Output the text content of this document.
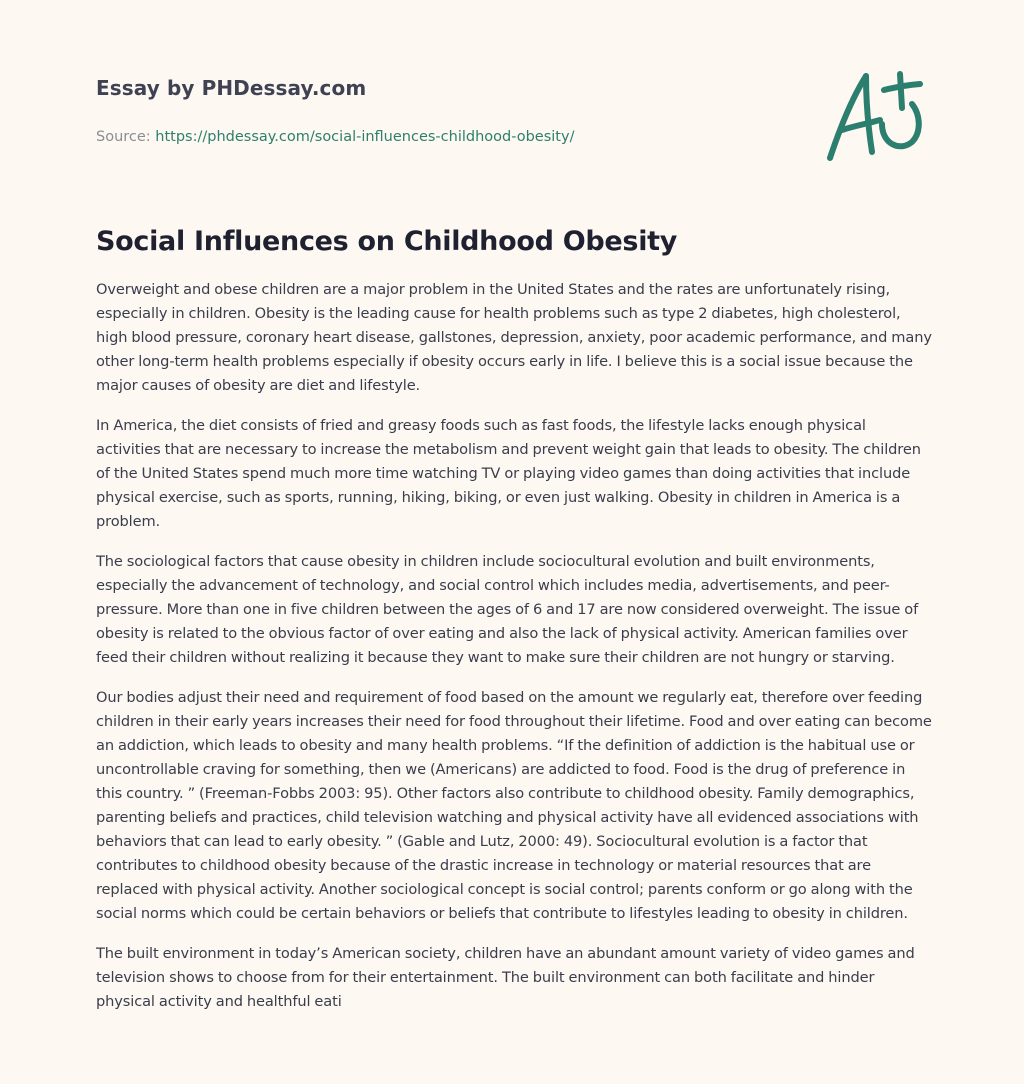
Essay by PHDessay.com
Source: https://phdessay.com/social-influences-childhood-obesity/
Social Influences on Childhood Obesity

Overweight and obese children are a major problem in the United States and the rates are unfortunately rising, especially in children. Obesity is the leading cause for health problems such as type 2 diabetes, high cholesterol, high blood pressure, coronary heart disease, gallstones, depression, anxiety, poor academic performance, and many other long-term health problems especially if obesity occurs early in life. I believe this is a social issue because the major causes of obesity are diet and lifestyle.

In America, the diet consists of fried and greasy foods such as fast foods, the lifestyle lacks enough physical activities that are necessary to increase the metabolism and prevent weight gain that leads to obesity. The children of the United States spend much more time watching TV or playing video games than doing activities that include physical exercise, such as sports, running, hiking, biking, or even just walking. Obesity in children in America is a problem.

The sociological factors that cause obesity in children include sociocultural evolution and built environments, especially the advancement of technology, and social control which includes media, advertisements, and peer-pressure. More than one in five children between the ages of 6 and 17 are now considered overweight. The issue of obesity is related to the obvious factor of over eating and also the lack of physical activity. American families over feed their children without realizing it because they want to make sure their children are not hungry or starving.

Our bodies adjust their need and requirement of food based on the amount we regularly eat, therefore over feeding children in their early years increases their need for food throughout their lifetime. Food and over eating can become an addiction, which leads to obesity and many health problems. “If the definition of addiction is the habitual use or uncontrollable craving for something, then we (Americans) are addicted to food. Food is the drug of preference in this country. ” (Freeman-Fobbs 2003: 95). Other factors also contribute to childhood obesity. Family demographics, parenting beliefs and practices, child television watching and physical activity have all evidenced associations with behaviors that can lead to early obesity. ” (Gable and Lutz, 2000: 49). Sociocultural evolution is a factor that contributes to childhood obesity because of the drastic increase in technology or material resources that are replaced with physical activity. Another sociological concept is social control; parents conform or go along with the social norms which could be certain behaviors or beliefs that contribute to lifestyles leading to obesity in children.

The built environment in today’s American society, children have an abundant amount variety of video games and television shows to choose from for their entertainment. The built environment can both facilitate and hinder physical activity and healthful eati
